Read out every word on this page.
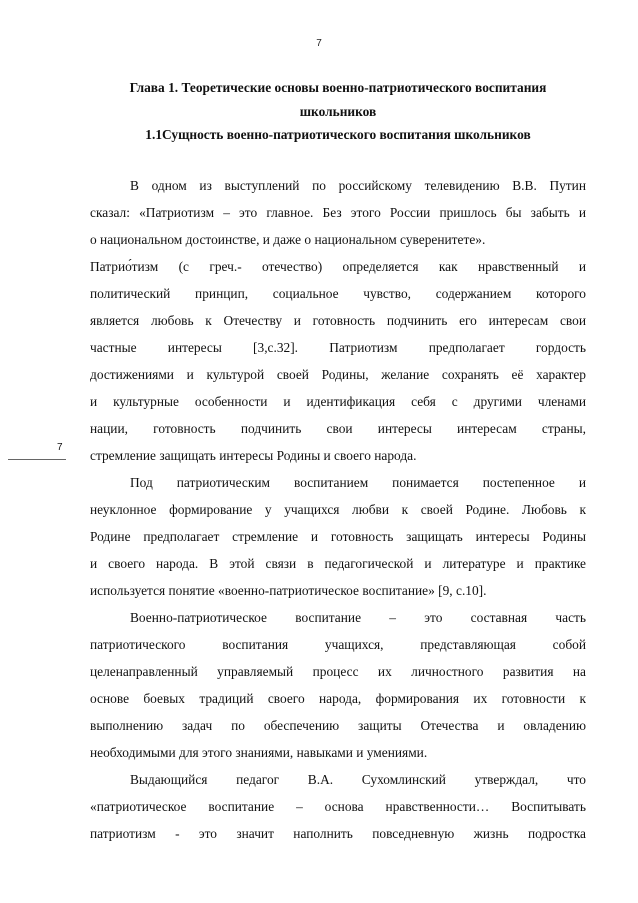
7
Глава 1. Теоретические основы военно-патриотического воспитания школьников
1.1Сущность военно-патриотического воспитания школьников
7
В одном из выступлений по российскому телевидению В.В. Путин
сказал: «Патриотизм – это главное. Без этого России пришлось бы забыть и
о национальном достоинстве, и даже о национальном суверенитете».
Патрио́тизм (с греч.- отечество) определяется как нравственный и
политический принцип, социальное чувство, содержанием которого
является любовь к Отечеству и готовность подчинить его интересам свои
частные интересы [3,с.32]. Патриотизм предполагает гордость
достижениями и культурой своей Родины, желание сохранять её характер
и культурные особенности и идентификация себя с другими членами
нации, готовность подчинить свои интересы интересам страны,
стремление защищать интересы Родины и своего народа.
Под патриотическим воспитанием понимается постепенное и
неуклонное формирование у учащихся любви к своей Родине. Любовь к
Родине предполагает стремление и готовность защищать интересы Родины
и своего народа. В этой связи в педагогической и литературе и практике
используется понятие «военно-патриотическое воспитание» [9, с.10].
Военно-патриотическое воспитание – это составная часть
патриотического воспитания учащихся, представляющая собой
целенаправленный управляемый процесс их личностного развития на
основе боевых традиций своего народа, формирования их готовности к
выполнению задач по обеспечению защиты Отечества и овладению
необходимыми для этого знаниями, навыками и умениями.
Выдающийся педагог В.А. Сухомлинский утверждал, что
«патриотическое воспитание – основа нравственности… Воспитывать
патриотизм - это значит наполнить повседневную жизнь подростка
